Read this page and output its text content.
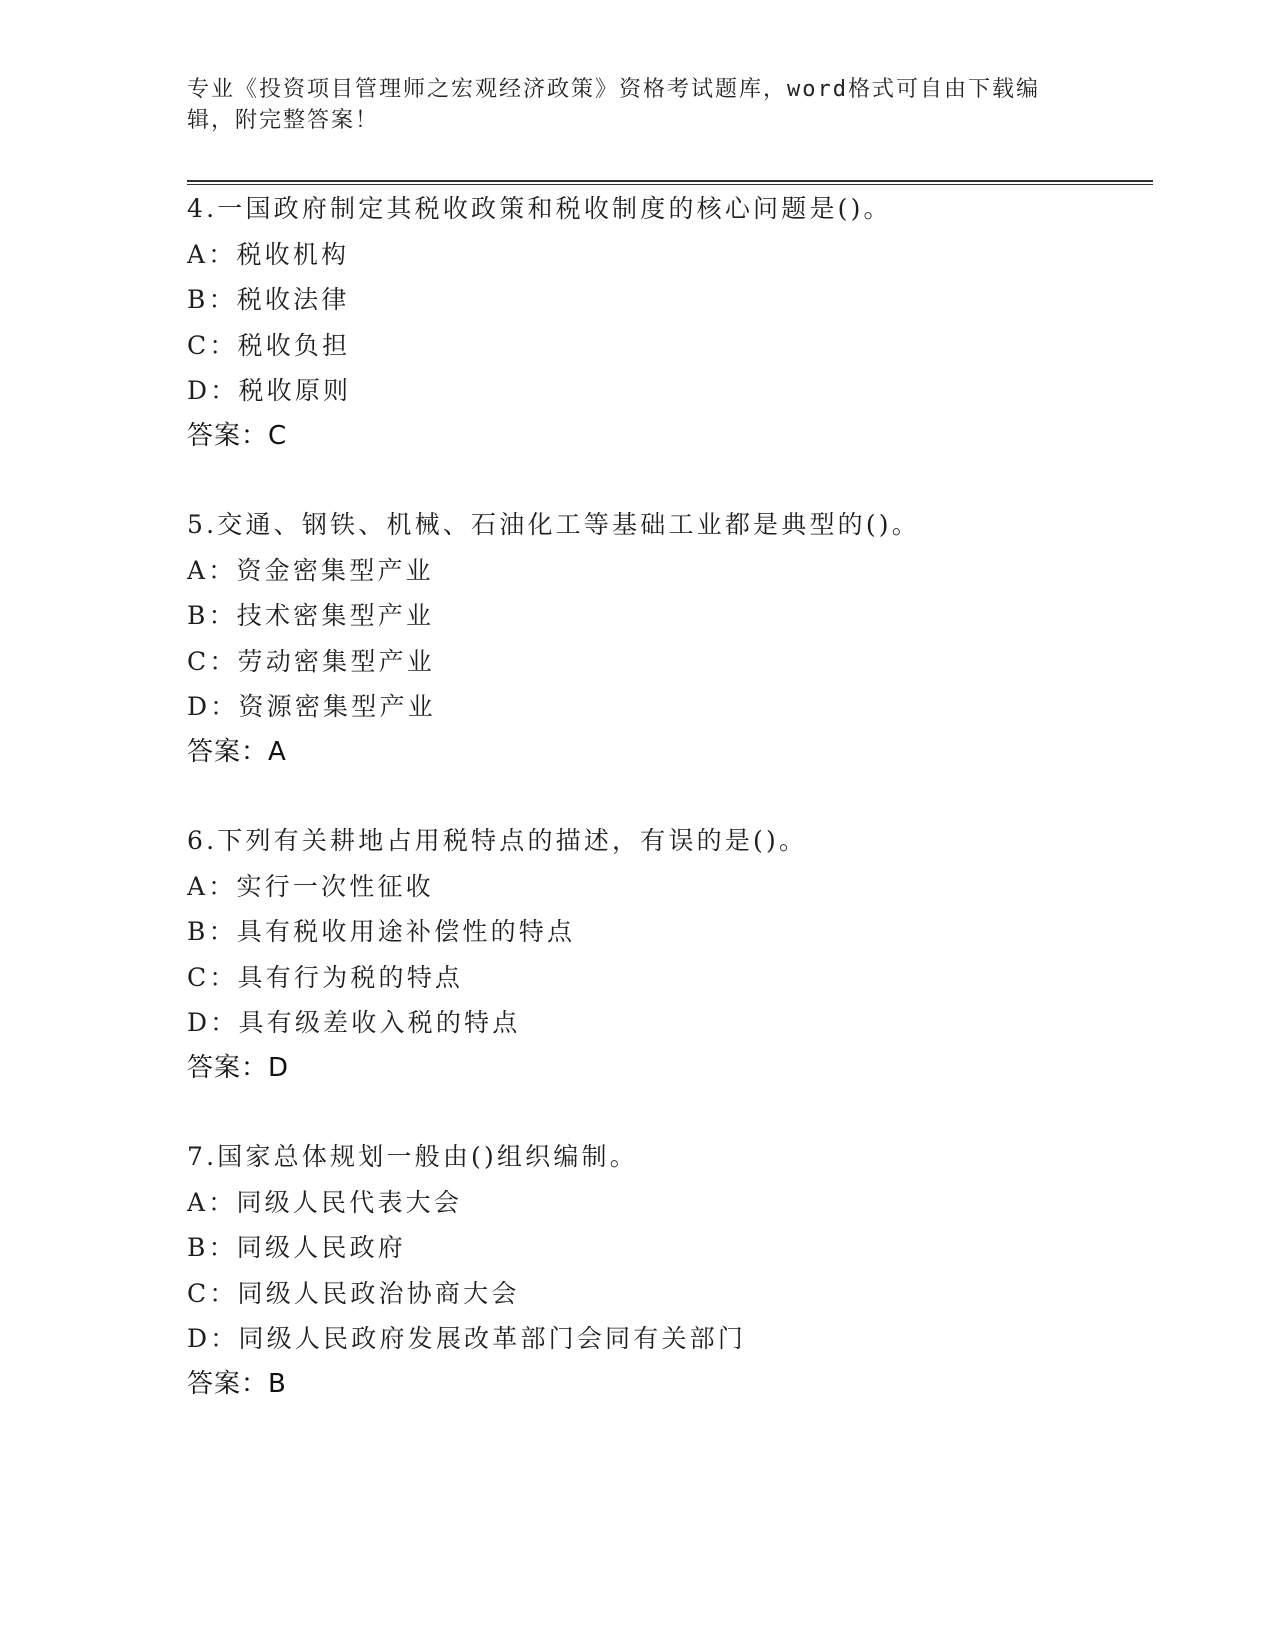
专业《投资项目管理师之宏观经济政策》资格考试题库，word格式可自由下载编
辑，附完整答案！
4.一国政府制定其税收政策和税收制度的核心问题是()。
A：税收机构
B：税收法律
C：税收负担
D：税收原则
答案：C
5.交通、钢铁、机械、石油化工等基础工业都是典型的()。
A：资金密集型产业
B：技术密集型产业
C：劳动密集型产业
D：资源密集型产业
答案：A
6.下列有关耕地占用税特点的描述，有误的是()。
A：实行一次性征收
B：具有税收用途补偿性的特点
C：具有行为税的特点
D：具有级差收入税的特点
答案：D
7.国家总体规划一般由()组织编制。
A：同级人民代表大会
B：同级人民政府
C：同级人民政治协商大会
D：同级人民政府发展改革部门会同有关部门
答案：B
